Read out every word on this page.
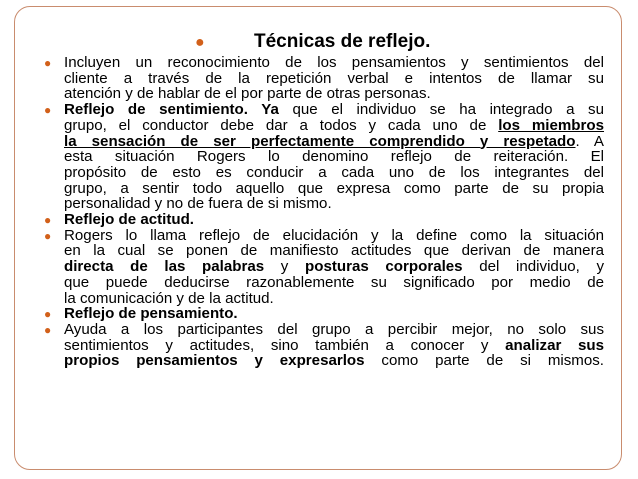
●	Técnicas de reflejo.
● Incluyen un reconocimiento de los pensamientos y sentimientos del
cliente a través de la repetición verbal e intentos de llamar su
atención y de hablar de el por parte de otras personas.
● Reflejo de sentimiento. Ya que el individuo se ha integrado a su
grupo, el conductor debe dar a todos y cada uno de los miembros
la sensación de ser perfectamente comprendido y respetado. A
esta situación Rogers lo denomino reflejo de reiteración. El
propósito de esto es conducir a cada uno de los integrantes del
grupo, a sentir todo aquello que expresa como parte de su propia
personalidad y no de fuera de si mismo.
● Reflejo de actitud.
● Rogers lo llama reflejo de elucidación y la define como la situación
en la cual se ponen de manifiesto actitudes que derivan de manera
directa de las palabras y posturas corporales del individuo, y
que puede deducirse razonablemente su significado por medio de
la comunicación y de la actitud.
● Reflejo de pensamiento.
● Ayuda a los participantes del grupo a percibir mejor, no solo sus
sentimientos y actitudes, sino también a conocer y analizar sus
propios pensamientos y expresarlos como parte de si mismos.
